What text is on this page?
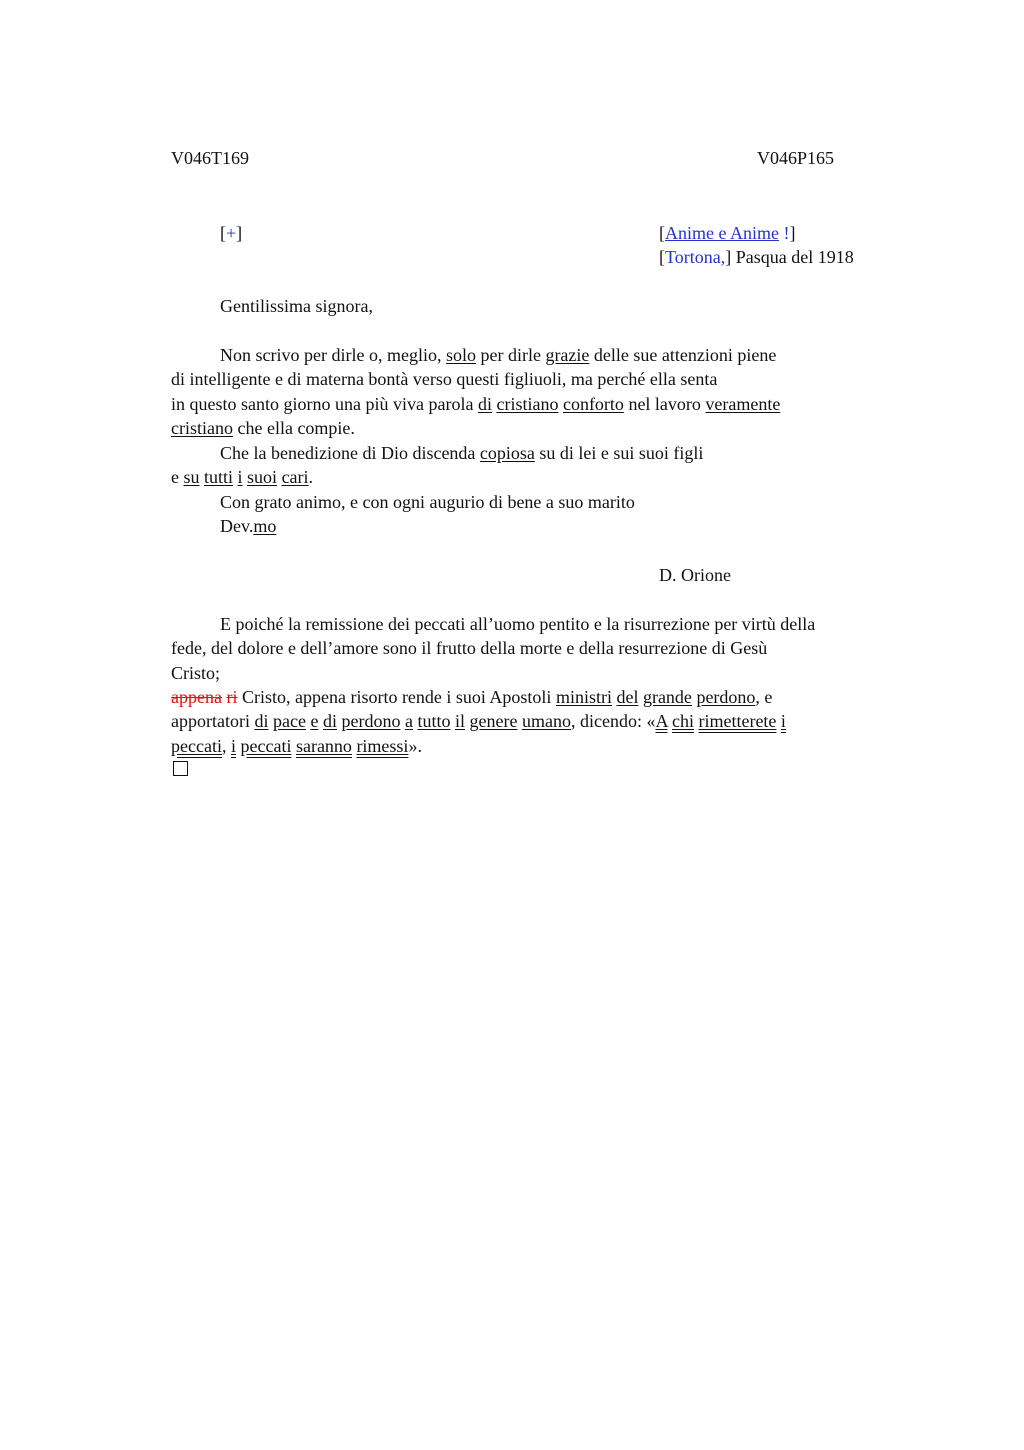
V046T169	V046P165
[+]	[Anime e Anime !]
[Tortona,] Pasqua del 1918
Gentilissima signora,
Non scrivo per dirle o, meglio, solo per dirle grazie delle sue attenzioni piene
di intelligente e di materna bontà verso questi figliuoli, ma perché ella senta
in questo santo giorno una più viva parola di cristiano conforto nel lavoro veramente
cristiano che ella compie.
Che la benedizione di Dio discenda copiosa su di lei e sui suoi figli
e su tutti i suoi cari.
Con grato animo, e con ogni augurio di bene a suo marito
Dev.mo
D. Orione
E poiché la remissione dei peccati all’uomo pentito e la risurrezione per virtù della
fede, del dolore e dell’amore sono il frutto della morte e della resurrezione di Gesù
Cristo;
appena ri Cristo, appena risorto rende i suoi Apostoli ministri del grande perdono, e
apportatori di pace e di perdono a tutto il genere umano, dicendo: «A chi rimetterete i
peccati, i peccati saranno rimessi».
